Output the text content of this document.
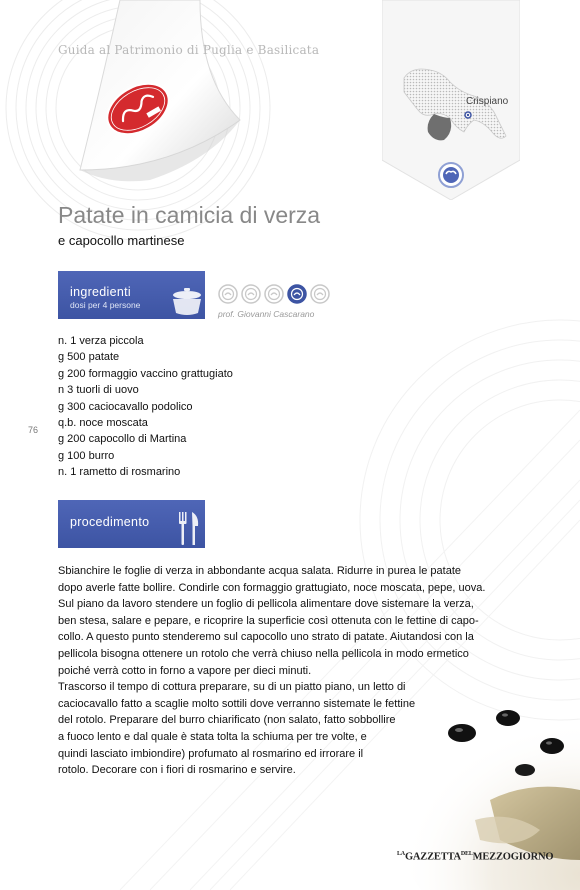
Guida al Patrimonio di Puglia e Basilicata
Crispiano
Patate in camicia di verza
e capocollo martinese
ingredienti
dosi per 4 persone
prof. Giovanni Cascarano
n. 1 verza piccola
g 500 patate
g 200 formaggio vaccino grattugiato
n 3 tuorli di uovo
g 300 caciocavallo podolico
q.b. noce moscata
g 200 capocollo di Martina
g 100 burro
n. 1 rametto di rosmarino
76
procedimento
Sbianchire le foglie di verza in abbondante acqua salata. Ridurre in purea le patate
dopo averle fatte bollire. Condirle con formaggio grattugiato, noce moscata, pepe, uova.
Sul piano da lavoro stendere un foglio di pellicola alimentare dove sistemare la verza,
ben stesa, salare e pepare, e ricoprire la superficie così ottenuta con le fettine di capo-
collo. A questo punto stenderemo sul capocollo uno strato di patate. Aiutandosi con la
pellicola bisogna ottenere un rotolo che verrà chiuso nella pellicola in modo ermetico
poiché verrà cotto in forno a vapore per dieci minuti.
Trascorso il tempo di cottura preparare, su di un piatto piano, un letto di
caciocavallo fatto a scaglie molto sottili dove verranno sistemate le fettine
del rotolo. Preparare del burro chiarificato (non salato, fatto sobbollire
a fuoco lento e dal quale è stata tolta la schiuma per tre volte, e
quindi lasciato imbiondire) profumato al rosmarino ed irrorare il
rotolo. Decorare con i fiori di rosmarino e servire.
$^{LA}GAZZETTA^{DEL}MEZZOGIORNO$
